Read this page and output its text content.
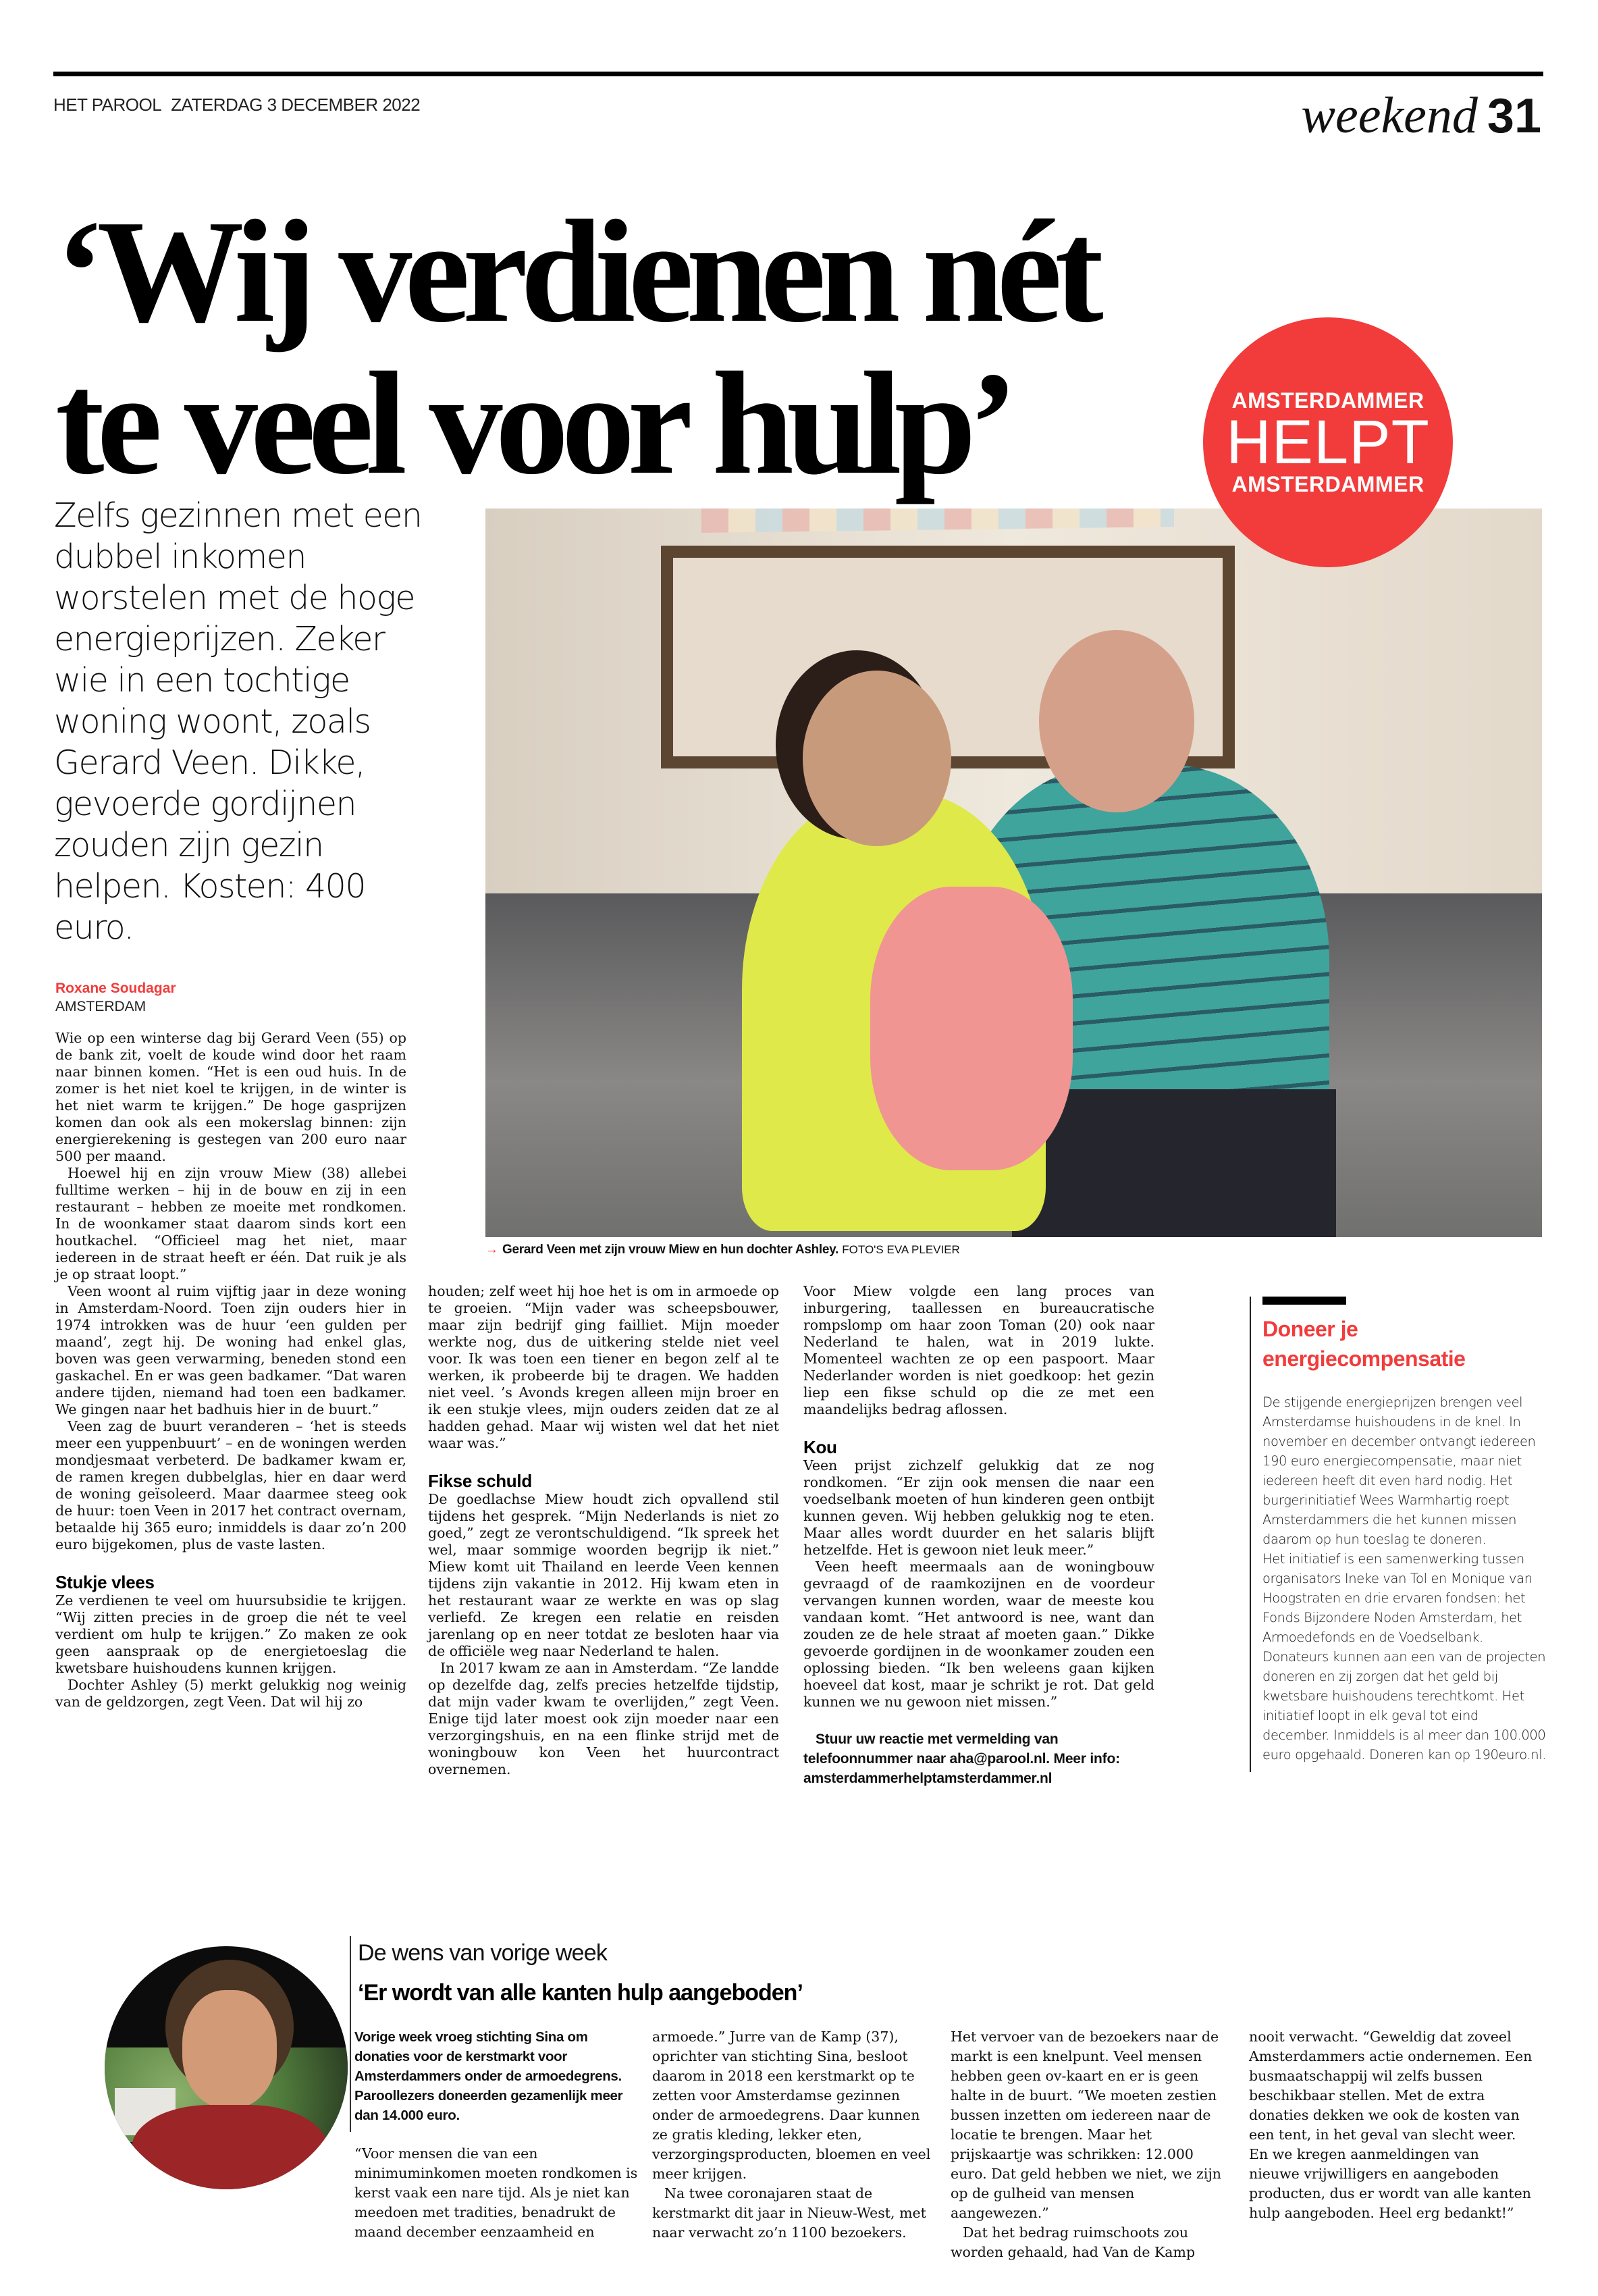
HET PAROOL ZATERDAG 3 DECEMBER 2022	weekend 31
‘Wij verdienen nét
te veel voor hulp’	AMSTERDAMMER
HELPT
AMSTERDAMMER

Zelfs gezinnen met een dubbel inkomen worstelen met de hoge energieprijzen. Zeker wie in een tochtige woning woont, zoals Gerard Veen. Dikke, gevoerde gordijnen zouden zijn gezin helpen. Kosten: 400 euro.

→ Gerard Veen met zijn vrouw Miew en hun dochter Ashley. FOTO'S EVA PLEVIER
Roxane Soudagar
AMSTERDAM

Wie op een winterse dag bij Gerard Veen (55) op de bank zit, voelt de koude wind door het raam naar binnen komen. “Het is een oud huis. In de zomer is het niet koel te krijgen, in de winter is het niet warm te krijgen.” De hoge gasprijzen komen dan ook als een mokerslag binnen: zijn energierekening is gestegen van 200 euro naar 500 per maand.

Hoewel hij en zijn vrouw Miew (38) allebei fulltime werken – hij in de bouw en zij in een restaurant – hebben ze moeite met rondkomen. In de woonkamer staat daarom sinds kort een houtkachel. “Officieel mag het niet, maar iedereen in de straat heeft er één. Dat ruik je als je op straat loopt.”

Veen woont al ruim vijftig jaar in deze woning in Amsterdam-Noord. Toen zijn ouders hier in 1974 introkken was de huur ‘een gulden per maand’, zegt hij. De woning had enkel glas, boven was geen verwarming, beneden stond een gaskachel. En er was geen badkamer. “Dat waren andere tijden, niemand had toen een badkamer. We gingen naar het badhuis hier in de buurt.”

Veen zag de buurt veranderen – ‘het is steeds meer een yuppenbuurt’ – en de woningen werden mondjesmaat verbeterd. De badkamer kwam er, de ramen kregen dubbelglas, hier en daar werd de woning geïsoleerd. Maar daarmee steeg ook de huur: toen Veen in 2017 het contract overnam, betaalde hij 365 euro; inmiddels is daar zo’n 200 euro bijgekomen, plus de vaste lasten.

Stukje vlees

Ze verdienen te veel om huursubsidie te krijgen. “Wij zitten precies in de groep die nét te veel verdient om hulp te krijgen.” Zo maken ze ook geen aanspraak op de energietoeslag die kwetsbare huishoudens kunnen krijgen.

Dochter Ashley (5) merkt gelukkig nog weinig van de geldzorgen, zegt Veen. Dat wil hij zo

houden; zelf weet hij hoe het is om in armoede op te groeien. “Mijn vader was scheepsbouwer, maar zijn bedrijf ging failliet. Mijn moeder werkte nog, dus de uitkering stelde niet veel voor. Ik was toen een tiener en begon zelf al te werken, ik probeerde bij te dragen. We hadden niet veel. ’s Avonds kregen alleen mijn broer en ik een stukje vlees, mijn ouders zeiden dat ze al hadden gehad. Maar wij wisten wel dat het niet waar was.”

Fikse schuld

De goedlachse Miew houdt zich opvallend stil tijdens het gesprek. “Mijn Nederlands is niet zo goed,” zegt ze verontschuldigend. “Ik spreek het wel, maar sommige woorden begrijp ik niet.” Miew komt uit Thailand en leerde Veen kennen tijdens zijn vakantie in 2012. Hij kwam eten in het restaurant waar ze werkte en was op slag verliefd. Ze kregen een relatie en reisden jarenlang op en neer totdat ze besloten haar via de officiële weg naar Nederland te halen.

In 2017 kwam ze aan in Amsterdam. “Ze landde op dezelfde dag, zelfs precies hetzelfde tijdstip, dat mijn vader kwam te overlijden,” zegt Veen. Enige tijd later moest ook zijn moeder naar een verzorgingshuis, en na een flinke strijd met de woningbouw kon Veen het huurcontract overnemen.

Voor Miew volgde een lang proces van inburgering, taallessen en bureaucratische rompslomp om haar zoon Toman (20) ook naar Nederland te halen, wat in 2019 lukte. Momenteel wachten ze op een paspoort. Maar Nederlander worden is niet goedkoop: het gezin liep een fikse schuld op die ze met een maandelijks bedrag aflossen.

Kou

Veen prijst zichzelf gelukkig dat ze nog rondkomen. “Er zijn ook mensen die naar een voedselbank moeten of hun kinderen geen ontbijt kunnen geven. Wij hebben gelukkig nog te eten. Maar alles wordt duurder en het salaris blijft hetzelfde. Het is gewoon niet leuk meer.”

Veen heeft meermaals aan de woningbouw gevraagd of de raamkozijnen en de voordeur vervangen kunnen worden, waar de meeste kou vandaan komt. “Het antwoord is nee, want dan zouden ze de hele straat af moeten gaan.” Dikke gevoerde gordijnen in de woonkamer zouden een oplossing bieden. “Ik ben weleens gaan kijken hoeveel dat kost, maar je schrikt je rot. Dat geld kunnen we nu gewoon niet missen.”

Stuur uw reactie met vermelding van telefoonnummer naar aha@parool.nl. Meer info: amsterdammerhelptamsterdammer.nl

Doneer je energiecompensatie

De stijgende energieprijzen brengen veel Amsterdamse huishoudens in de knel. In november en december ontvangt iedereen 190 euro energiecompensatie, maar niet iedereen heeft dit even hard nodig. Het burgerinitiatief Wees Warmhartig roept Amsterdammers die het kunnen missen daarom op hun toeslag te doneren.

Het initiatief is een samenwerking tussen organisators Ineke van Tol en Monique van Hoogstraten en drie ervaren fondsen: het Fonds Bijzondere Noden Amsterdam, het Armoedefonds en de Voedselbank. Donateurs kunnen aan een van de projecten doneren en zij zorgen dat het geld bij kwetsbare huishoudens terechtkomt. Het initiatief loopt in elk geval tot eind december. Inmiddels is al meer dan 100.000 euro opgehaald. Doneren kan op 190euro.nl.

De wens van vorige week
‘Er wordt van alle kanten hulp aangeboden’

Vorige week vroeg stichting Sina om donaties voor de kerstmarkt voor Amsterdammers onder de armoedegrens. Paroollezers doneerden gezamenlijk meer dan 14.000 euro.

“Voor mensen die van een minimuminkomen moeten rondkomen is kerst vaak een nare tijd. Als je niet kan meedoen met tradities, benadrukt de maand december eenzaamheid en

armoede.” Jurre van de Kamp (37), oprichter van stichting Sina, besloot daarom in 2018 een kerstmarkt op te zetten voor Amsterdamse gezinnen onder de armoedegrens. Daar kunnen ze gratis kleding, lekker eten, verzorgingsproducten, bloemen en veel meer krijgen.

Na twee coronajaren staat de kerstmarkt dit jaar in Nieuw-West, met naar verwacht zo’n 1100 bezoekers.

Het vervoer van de bezoekers naar de markt is een knelpunt. Veel mensen hebben geen ov-kaart en er is geen halte in de buurt. “We moeten zestien bussen inzetten om iedereen naar de locatie te brengen. Maar het prijskaartje was schrikken: 12.000 euro. Dat geld hebben we niet, we zijn op de gulheid van mensen aangewezen.”

Dat het bedrag ruimschoots zou worden gehaald, had Van de Kamp

nooit verwacht. “Geweldig dat zoveel Amsterdammers actie ondernemen. Een busmaatschappij wil zelfs bussen beschikbaar stellen. Met de extra donaties dekken we ook de kosten van een tent, in het geval van slecht weer. En we kregen aanmeldingen van nieuwe vrijwilligers en aangeboden producten, dus er wordt van alle kanten hulp aangeboden. Heel erg bedankt!”
